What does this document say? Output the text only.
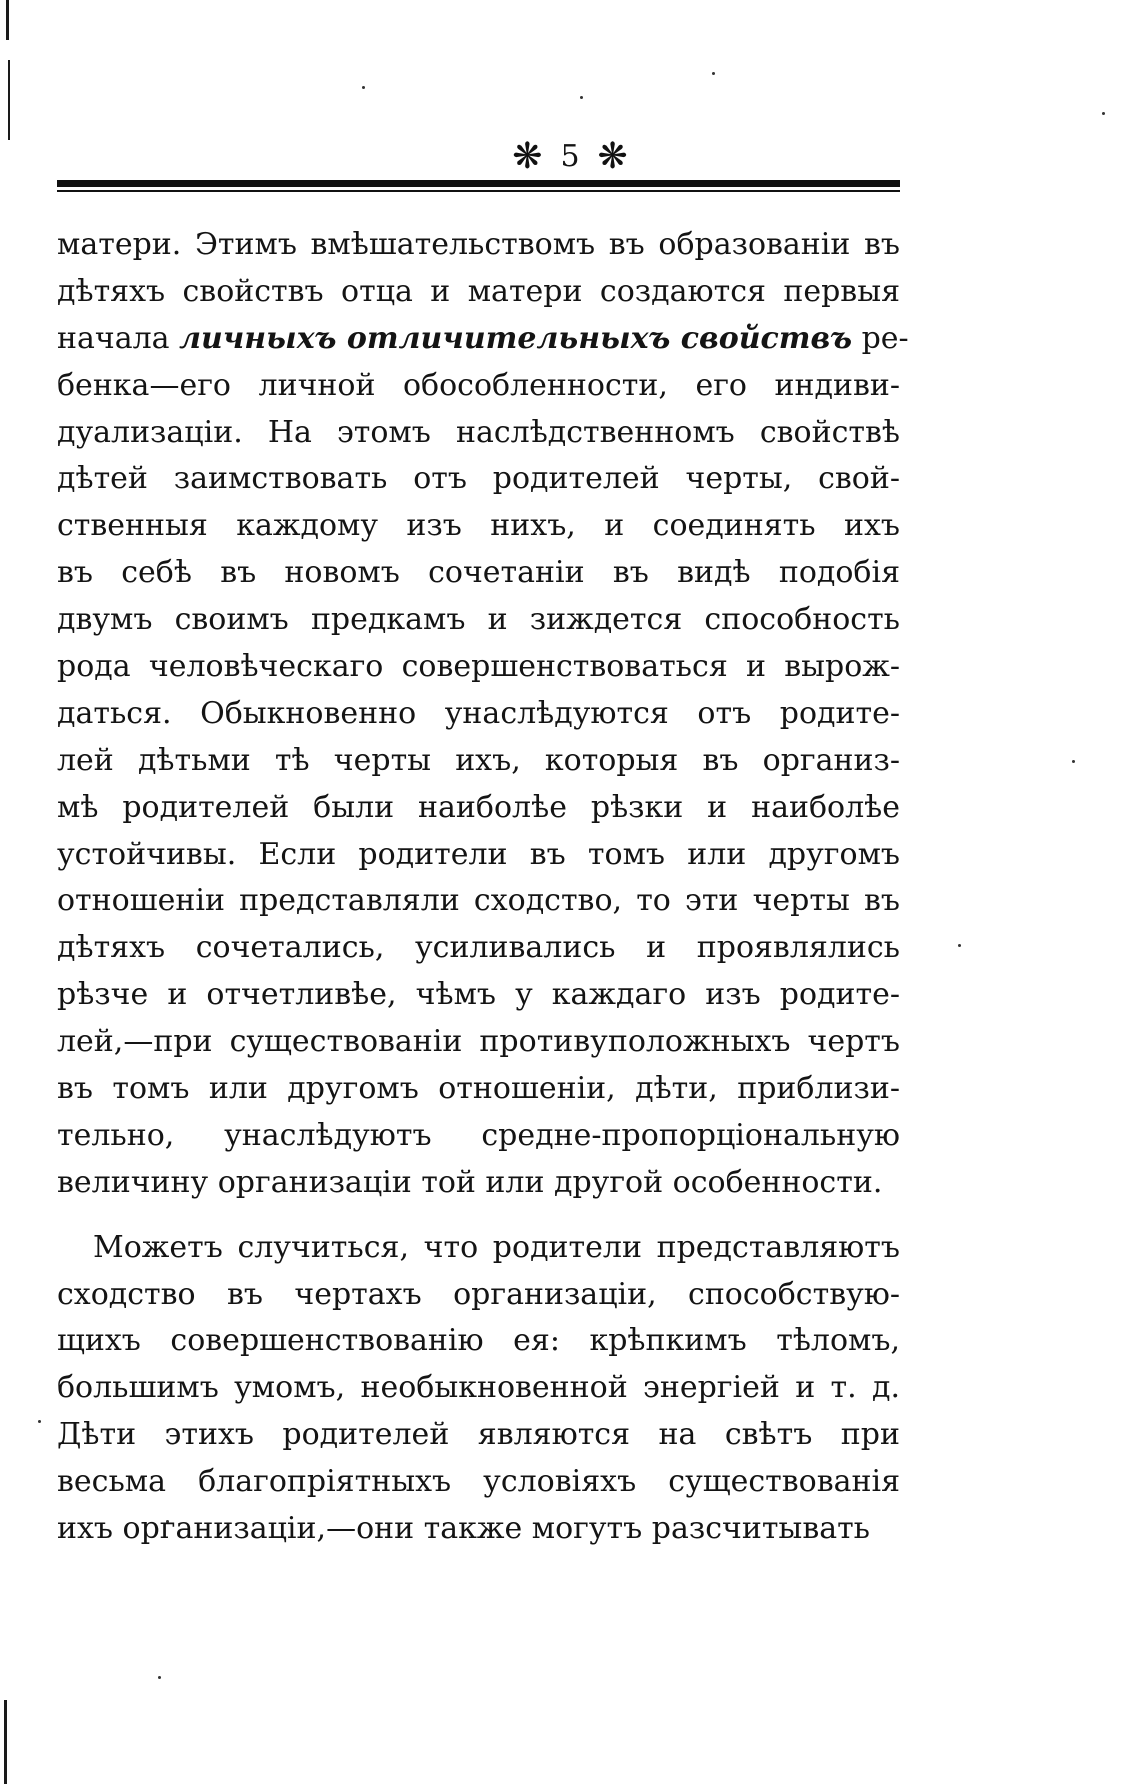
❋ 5 ❋
матери. Этимъ вмѣшательствомъ въ образованіи въ
дѣтяхъ свойствъ отца и матери создаются первыя
начала личныхъ отличительныхъ свойствъ ре-
бенка—его личной обособленности, его индиви-
дуализаціи. На этомъ наслѣдственномъ свойствѣ
дѣтей заимствовать отъ родителей черты, свой-
ственныя каждому изъ нихъ, и соединять ихъ
въ себѣ въ новомъ сочетаніи въ видѣ подобія
двумъ своимъ предкамъ и зиждется способность
рода человѣческаго совершенствоваться и вырож-
даться. Обыкновенно унаслѣдуются отъ родите-
лей дѣтьми тѣ черты ихъ, которыя въ организ-
мѣ родителей были наиболѣе рѣзки и наиболѣе
устойчивы. Если родители въ томъ или другомъ
отношеніи представляли сходство, то эти черты въ
дѣтяхъ сочетались, усиливались и проявлялись
рѣзче и отчетливѣе, чѣмъ у каждаго изъ родите-
лей,—при существованіи противуположныхъ чертъ
въ томъ или другомъ отношеніи, дѣти, приблизи-
тельно, унаслѣдуютъ средне-пропорціональную
величину организаціи той или другой особенности.
Можетъ случиться, что родители представляютъ
сходство въ чертахъ организаціи, способствую-
щихъ совершенствованію ея: крѣпкимъ тѣломъ,
большимъ умомъ, необыкновенной энергіей и т. д.
Дѣти этихъ родителей являются на свѣтъ при
весьма благопріятныхъ условіяхъ существованія
ихъ организаціи,—они также могутъ разсчитывать
